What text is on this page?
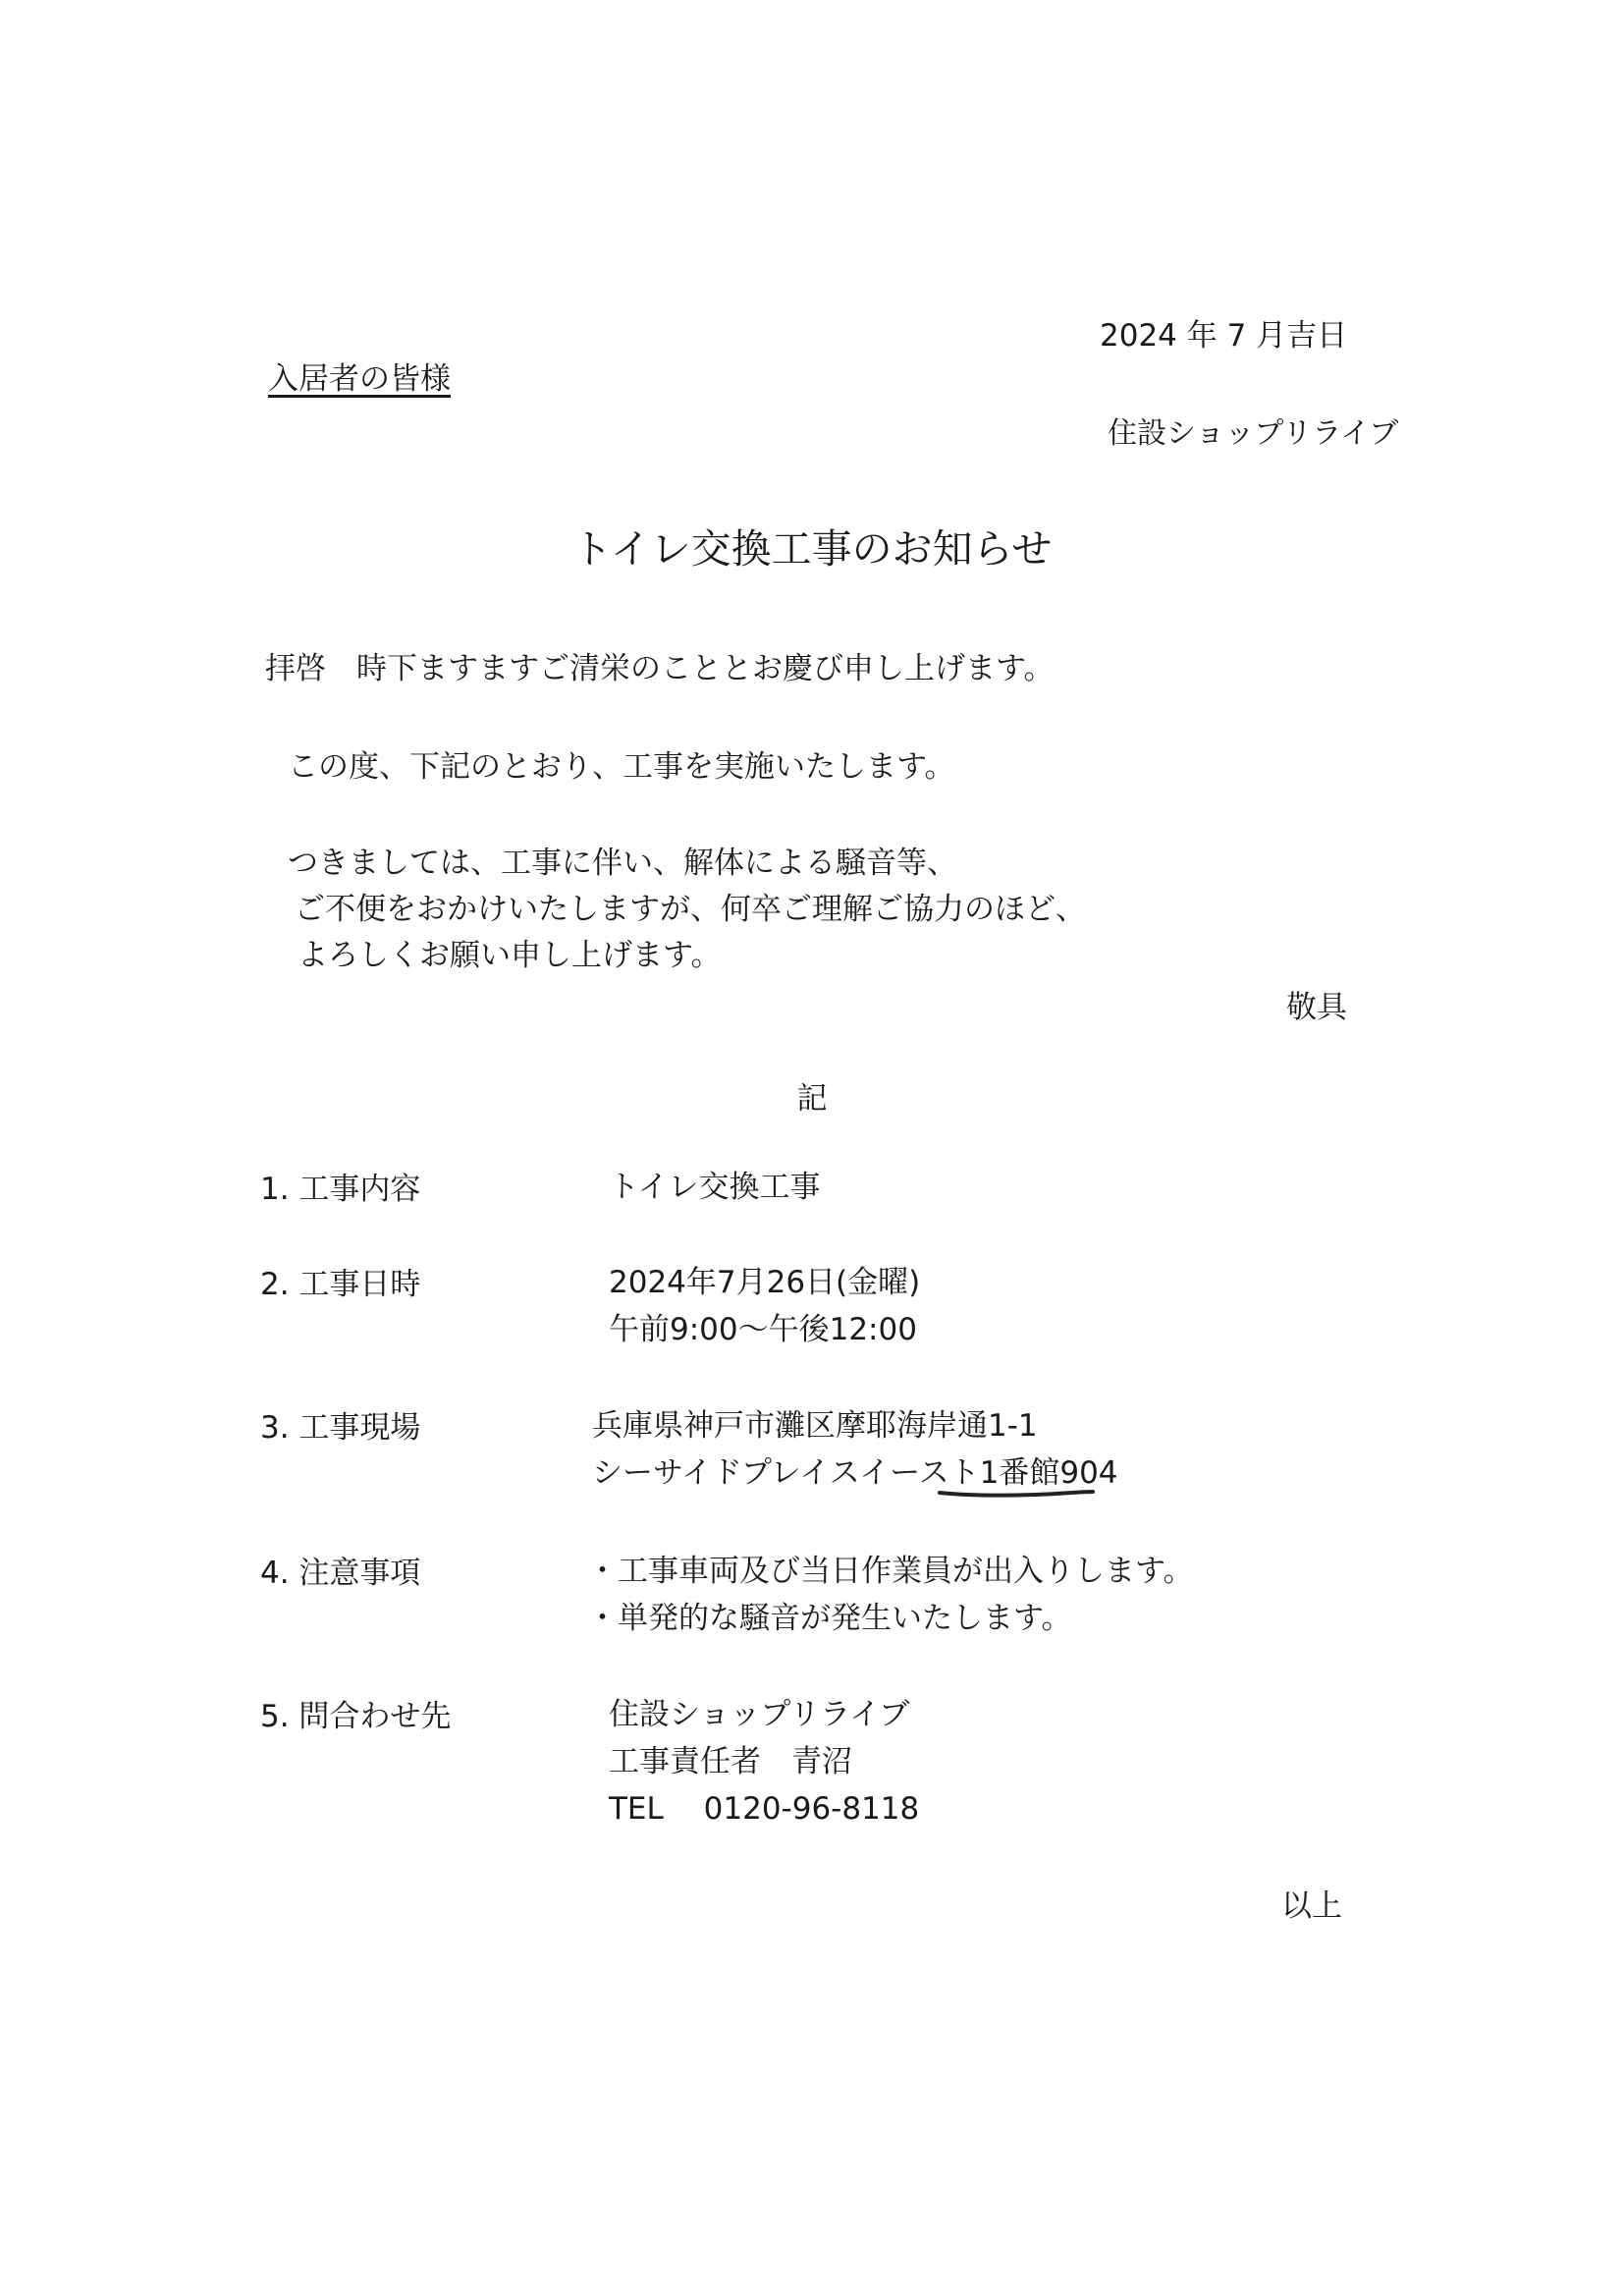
2024 年 7 月吉日
入居者の皆様
住設ショップリライブ
トイレ交換工事のお知らせ
拝啓　時下ますますご清栄のこととお慶び申し上げます。
この度、下記のとおり、工事を実施いたします。
つきましては、工事に伴い、解体による騒音等、
ご不便をおかけいたしますが、何卒ご理解ご協力のほど、
よろしくお願い申し上げます。
敬具
記
1. 工事内容	トイレ交換工事
2. 工事日時	2024年7月26日(金曜)
午前9:00～午後12:00
3. 工事現場	兵庫県神戸市灘区摩耶海岸通1-1
シーサイドプレイスイースト1番館904
4. 注意事項	・工事車両及び当日作業員が出入りします。
・単発的な騒音が発生いたします。
5. 問合わせ先	住設ショップリライブ
工事責任者　青沼
TEL　 0120-96-8118
以上
